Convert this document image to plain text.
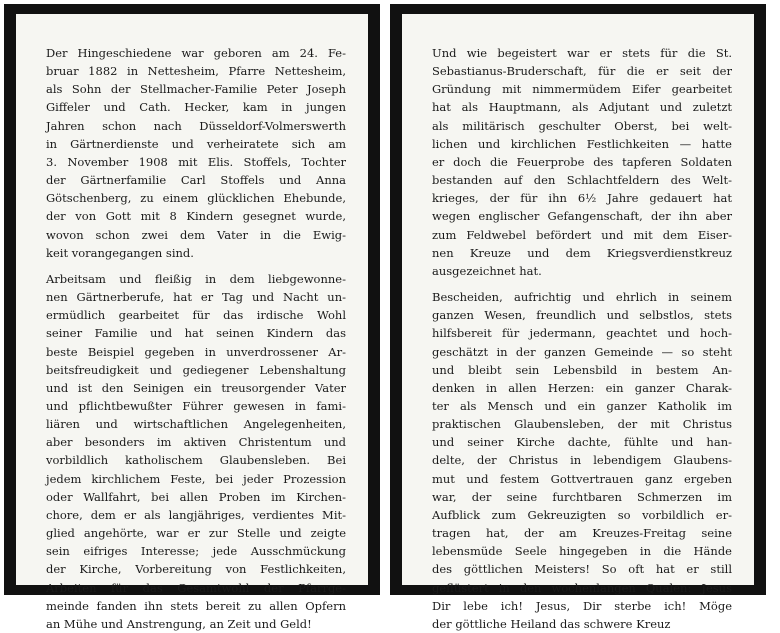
Der Hingeschiedene war geboren am 24. Fe-
bruar 1882 in Nettesheim, Pfarre Nettesheim,
als Sohn der Stellmacher-Familie Peter Joseph
Giffeler und Cath. Hecker, kam in jungen
Jahren schon nach Düsseldorf-Volmerswerth
in Gärtnerdienste und verheiratete sich am
3. November 1908 mit Elis. Stoffels, Tochter
der Gärtnerfamilie Carl Stoffels und Anna
Götschenberg, zu einem glücklichen Ehebunde,
der von Gott mit 8 Kindern gesegnet wurde,
wovon schon zwei dem Vater in die Ewig-
keit vorangegangen sind.

Arbeitsam und fleißig in dem liebgewonne-
nen Gärtnerberufe, hat er Tag und Nacht un-
ermüdlich gearbeitet für das irdische Wohl
seiner Familie und hat seinen Kindern das
beste Beispiel gegeben in unverdrossener Ar-
beitsfreudigkeit und gediegener Lebenshaltung
und ist den Seinigen ein treusorgender Vater
und pflichtbewußter Führer gewesen in fami-
liären und wirtschaftlichen Angelegenheiten,
aber besonders im aktiven Christentum und
vorbildlich katholischem Glaubensleben. Bei
jedem kirchlichem Feste, bei jeder Prozession
oder Wallfahrt, bei allen Proben im Kirchen-
chore, dem er als langjähriges, verdientes Mit-
glied angehörte, war er zur Stelle und zeigte
sein eifriges Interesse; jede Ausschmückung
der Kirche, Vorbereitung von Festlichkeiten,
Arbeiten für das Gesamtwohl der Pfarrge-
meinde fanden ihn stets bereit zu allen Opfern
an Mühe und Anstrengung, an Zeit und Geld!

Und wie begeistert war er stets für die St.
Sebastianus-Bruderschaft, für die er seit der
Gründung mit nimmermüdem Eifer gearbeitet
hat als Hauptmann, als Adjutant und zuletzt
als militärisch geschulter Oberst, bei welt-
lichen und kirchlichen Festlichkeiten — hatte
er doch die Feuerprobe des tapferen Soldaten
bestanden auf den Schlachtfeldern des Welt-
krieges, der für ihn 6½ Jahre gedauert hat
wegen englischer Gefangenschaft, der ihn aber
zum Feldwebel befördert und mit dem Eiser-
nen Kreuze und dem Kriegsverdienstkreuz
ausgezeichnet hat.

Bescheiden, aufrichtig und ehrlich in seinem
ganzen Wesen, freundlich und selbstlos, stets
hilfsbereit für jedermann, geachtet und hoch-
geschätzt in der ganzen Gemeinde — so steht
und bleibt sein Lebensbild in bestem An-
denken in allen Herzen: ein ganzer Charak-
ter als Mensch und ein ganzer Katholik im
praktischen Glaubensleben, der mit Christus
und seiner Kirche dachte, fühlte und han-
delte, der Christus in lebendigem Glaubens-
mut und festem Gottvertrauen ganz ergeben
war, der seine furchtbaren Schmerzen im
Aufblick zum Gekreuzigten so vorbildlich er-
tragen hat, der am Kreuzes-Freitag seine
lebensmüde Seele hingegeben in die Hände
des göttlichen Meisters! So oft hat er still
geflüstert in den wochenlangen Qualen: Jesus
Dir lebe ich! Jesus, Dir sterbe ich! Möge
der göttliche Heiland das schwere Kreuz
